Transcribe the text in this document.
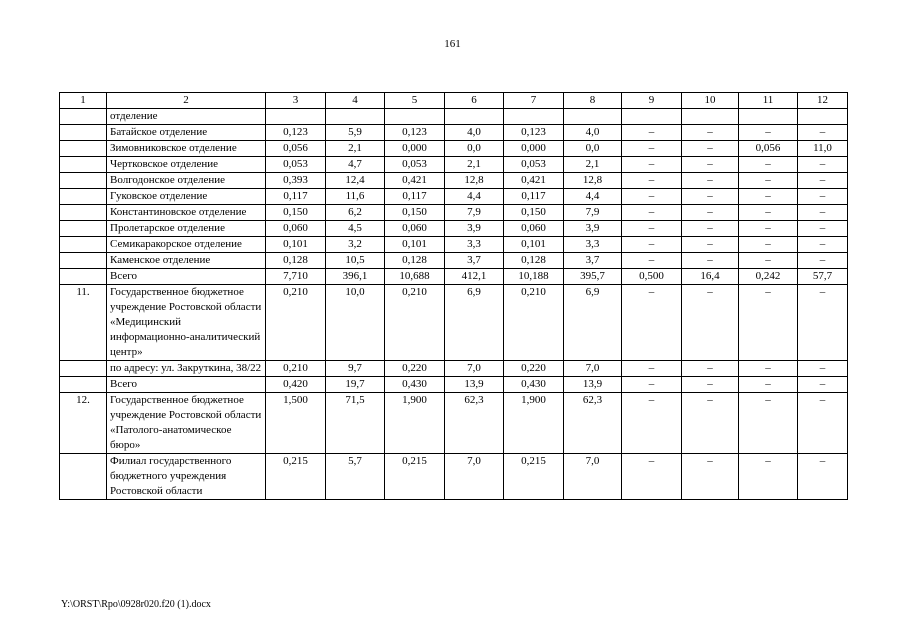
161
1	2	3	4	5	6	7	8	9	10	11	12
	отделение										
	Батайское отделение	0,123	5,9	0,123	4,0	0,123	4,0	–	–	–	–
	Зимовниковское отделение	0,056	2,1	0,000	0,0	0,000	0,0	–	–	0,056	11,0
	Чертковское отделение	0,053	4,7	0,053	2,1	0,053	2,1	–	–	–	–
	Волгодонское отделение	0,393	12,4	0,421	12,8	0,421	12,8	–	–	–	–
	Гуковское отделение	0,117	11,6	0,117	4,4	0,117	4,4	–	–	–	–
	Константиновское отделение	0,150	6,2	0,150	7,9	0,150	7,9	–	–	–	–
	Пролетарское отделение	0,060	4,5	0,060	3,9	0,060	3,9	–	–	–	–
	Семикаракорское отделение	0,101	3,2	0,101	3,3	0,101	3,3	–	–	–	–
	Каменское отделение	0,128	10,5	0,128	3,7	0,128	3,7	–	–	–	–
	Всего	7,710	396,1	10,688	412,1	10,188	395,7	0,500	16,4	0,242	57,7
11.	Государственное бюджетное учреждение Ростовской области «Медицинский информационно-аналитический центр»	0,210	10,0	0,210	6,9	0,210	6,9	–	–	–	–
	по адресу: ул. Закруткина, 38/22	0,210	9,7	0,220	7,0	0,220	7,0	–	–	–	–
	Всего	0,420	19,7	0,430	13,9	0,430	13,9	–	–	–	–
12.	Государственное бюджетное учреждение Ростовской области «Патолого-анатомическое бюро»	1,500	71,5	1,900	62,3	1,900	62,3	–	–	–	–
	Филиал государственного бюджетного учреждения Ростовской области	0,215	5,7	0,215	7,0	0,215	7,0	–	–	–	–
Y:\ORST\Rpo\0928r020.f20 (1).docx
